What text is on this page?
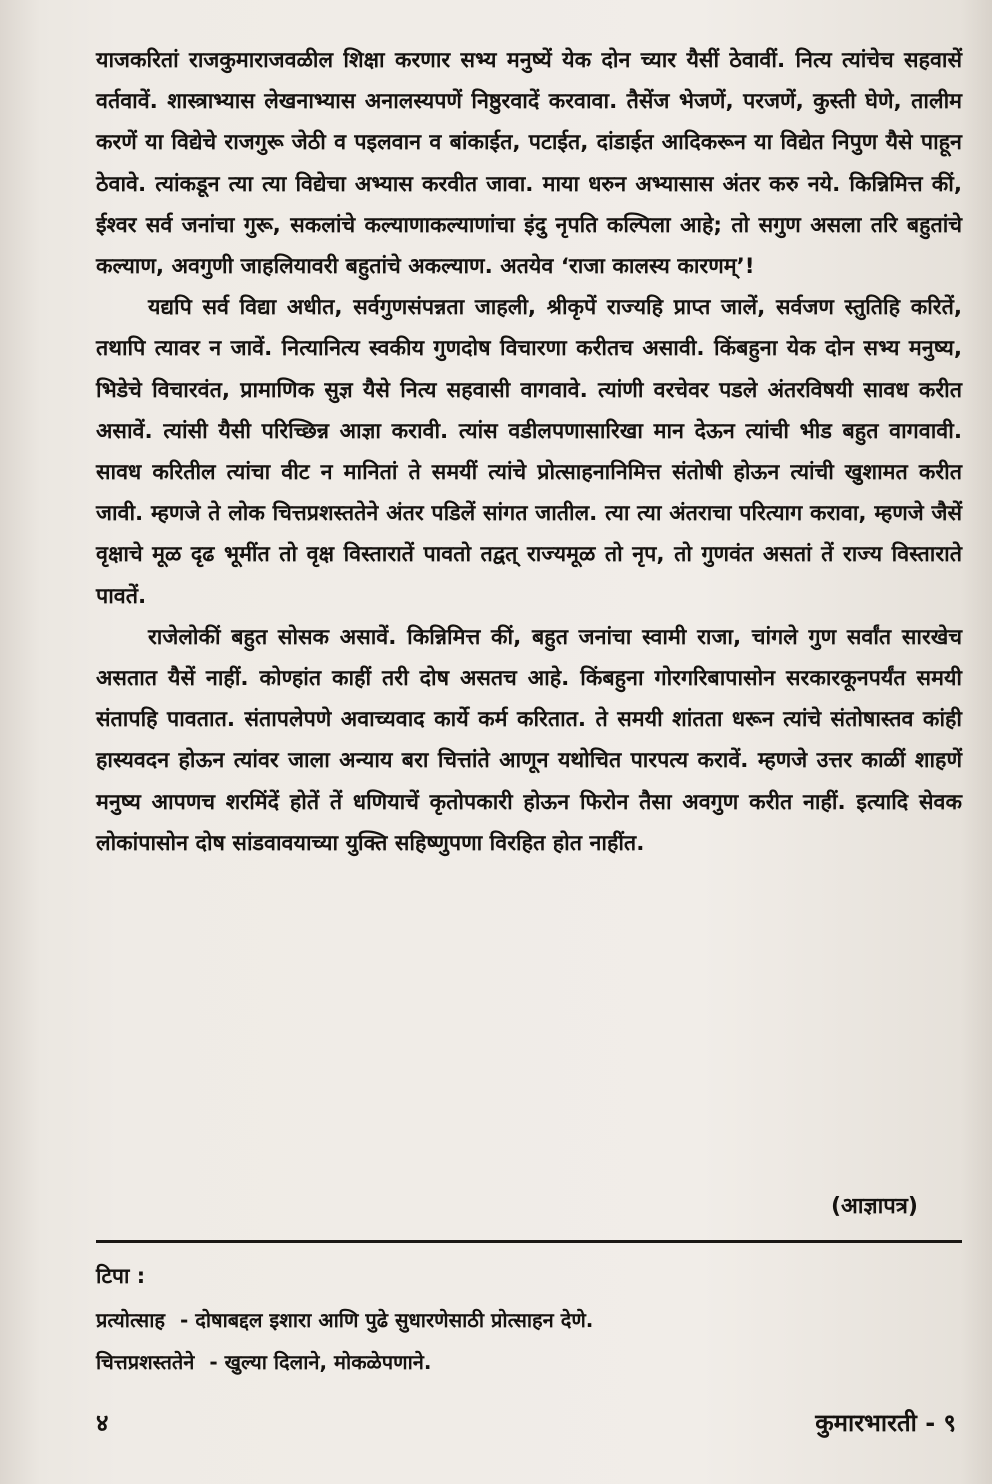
याजकरितां राजकुमाराजवळील शिक्षा करणार सभ्य मनुष्यें येक दोन च्यार यैसीं ठेवावीं. नित्य त्यांचेच सहवासें वर्तवावें. शास्त्राभ्यास लेखनाभ्यास अनालस्यपणें निष्ठुरवादें करवावा. तैसेंज भेजणें, परजणें, कुस्ती घेणे, तालीम करणें या विद्येचे राजगुरू जेठी व पइलवान व बांकाईत, पटाईत, दांडाईत आदिकरून या विद्येत निपुण यैसे पाहून ठेवावे. त्यांकडून त्या त्या विद्येचा अभ्यास करवीत जावा. माया धरुन अभ्यासास अंतर करु नये. किन्निमित्त कीं, ईश्वर सर्व जनांचा गुरू, सकलांचे कल्याणाकल्याणांचा इंदु नृपति कल्पिला आहे; तो सगुण असला तरि बहुतांचे कल्याण, अवगुणी जाहलियावरी बहुतांचे अकल्याण. अतयेव ‘राजा कालस्य कारणम्’!

यद्यपि सर्व विद्या अधीत, सर्वगुणसंपन्नता जाहली, श्रीकृपें राज्यहि प्राप्त जालें, सर्वजण स्तुतिहि करितें, तथापि त्यावर न जावें. नित्यानित्य स्वकीय गुणदोष विचारणा करीतच असावी. किंबहुना येक दोन सभ्य मनुष्य, भिडेचे विचारवंत, प्रामाणिक सुज्ञ यैसे नित्य सहवासी वागवावे. त्यांणी वरचेवर पडले अंतरविषयी सावध करीत असावें. त्यांसी यैसी परिच्छिन्न आज्ञा करावी. त्यांस वडीलपणासारिखा मान देऊन त्यांची भीड बहुत वागवावी. सावध करितील त्यांचा वीट न मानितां ते समयीं त्यांचे प्रोत्साहनानिमित्त संतोषी होऊन त्यांची खुशामत करीत जावी. म्हणजे ते लोक चित्तप्रशस्ततेने अंतर पडिलें सांगत जातील. त्या त्या अंतराचा परित्याग करावा, म्हणजे जैसें वृक्षाचे मूळ दृढ भूमींत तो वृक्ष विस्तारातें पावतो तद्वत् राज्यमूळ तो नृप, तो गुणवंत असतां तें राज्य विस्ताराते पावतें.

राजेलोकीं बहुत सोसक असावें. किन्निमित्त कीं, बहुत जनांचा स्वामी राजा, चांगले गुण सर्वांत सारखेच असतात यैसें नाहीं. कोण्हांत काहीं तरी दोष असतच आहे. किंबहुना गोरगरिबापासोन सरकारकूनपर्यंत समयी संतापहि पावतात. संतापलेपणे अवाच्यवाद कार्ये कर्म करितात. ते समयी शांतता धरून त्यांचे संतोषास्तव कांही हास्यवदन होऊन त्यांवर जाला अन्याय बरा चित्तांते आणून यथोचित पारपत्य करावें. म्हणजे उत्तर काळीं शाहणें मनुष्य आपणच शरमिंदें होतें तें धणियाचें कृतोपकारी होऊन फिरोन तैसा अवगुण करीत नाहीं. इत्यादि सेवक लोकांपासोन दोष सांडवावयाच्या युक्ति सहिष्णुपणा विरहित होत नाहींत.

(आज्ञापत्र)
टिपा :
प्रत्योत्साह - दोषाबद्दल इशारा आणि पुढे सुधारणेसाठी प्रोत्साहन देणे.
चित्तप्रशस्ततेने - खुल्या दिलाने, मोकळेपणाने.
४	कुमारभारती - ९
